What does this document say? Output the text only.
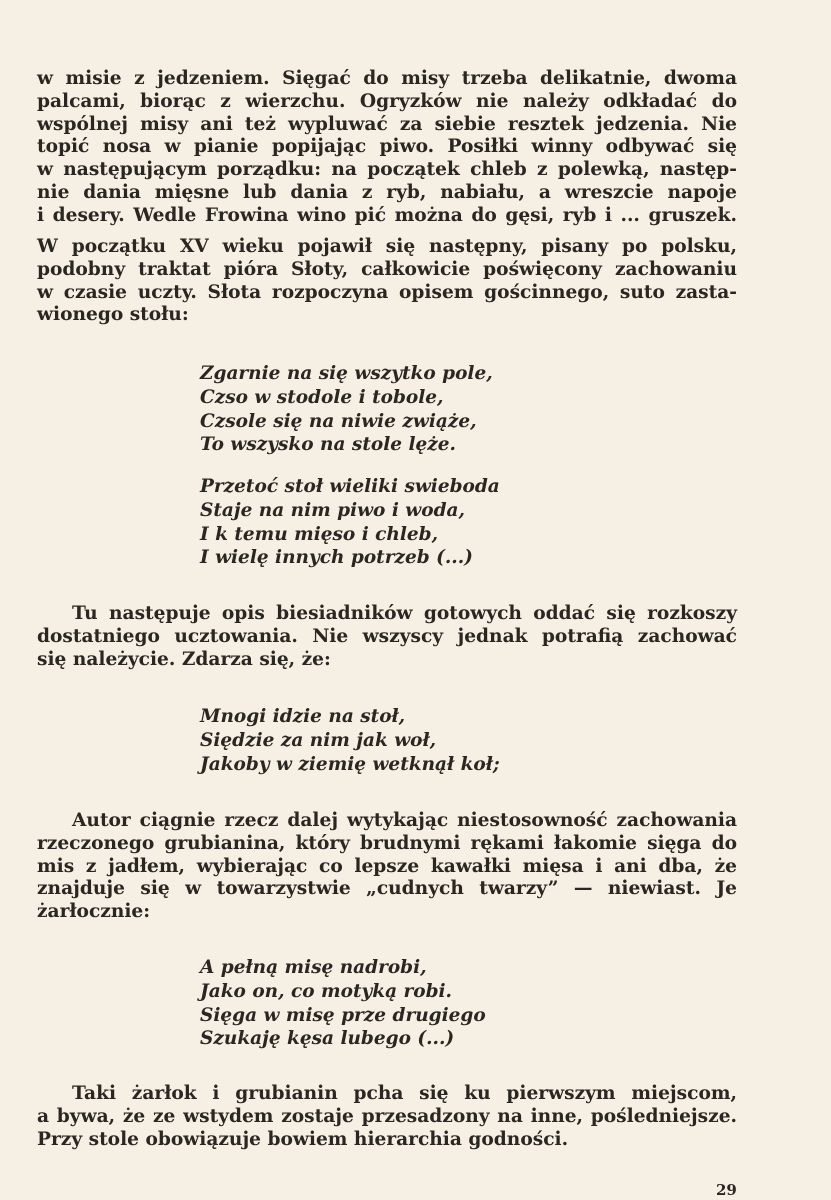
w misie z jedzeniem. Sięgać do misy trzeba delikatnie, dwoma
palcami, biorąc z wierzchu. Ogryzków nie należy odkładać do
wspólnej misy ani też wypluwać za siebie resztek jedzenia. Nie
topić nosa w pianie popijając piwo. Posiłki winny odbywać się
w następującym porządku: na początek chleb z polewką, następ-
nie dania mięsne lub dania z ryb, nabiału, a wreszcie napoje
i desery. Wedle Frowina wino pić można do gęsi, ryb i ... gruszek.

W początku XV wieku pojawił się następny, pisany po polsku,
podobny traktat pióra Słoty, całkowicie poświęcony zachowaniu
w czasie uczty. Słota rozpoczyna opisem gościnnego, suto zasta-
wionego stołu:

Zgarnie na się wszytko pole,
Czso w stodole i tobole,
Czsole się na niwie zwiąże,
To wszysko na stole lęże.
Przetoć stoł wieliki swieboda
Staje na nim piwo i woda,
I k temu mięso i chleb,
I wielę innych potrzeb (...)

Tu następuje opis biesiadników gotowych oddać się rozkoszy
dostatniego ucztowania. Nie wszyscy jednak potrafią zachować
się należycie. Zdarza się, że:

Mnogi idzie na stoł,
Siędzie za nim jak woł,
Jakoby w ziemię wetknął koł;

Autor ciągnie rzecz dalej wytykając niestosowność zachowania
rzeczonego grubianina, który brudnymi rękami łakomie sięga do
mis z jadłem, wybierając co lepsze kawałki mięsa i ani dba, że
znajduje się w towarzystwie „cudnych twarzy” — niewiast. Je
żarłocznie:

A pełną misę nadrobi,
Jako on, co motyką robi.
Sięga w misę prze drugiego
Szukaję kęsa lubego (...)

Taki żarłok i grubianin pcha się ku pierwszym miejscom,
a bywa, że ze wstydem zostaje przesadzony na inne, pośledniejsze.
Przy stole obowiązuje bowiem hierarchia godności.

29
